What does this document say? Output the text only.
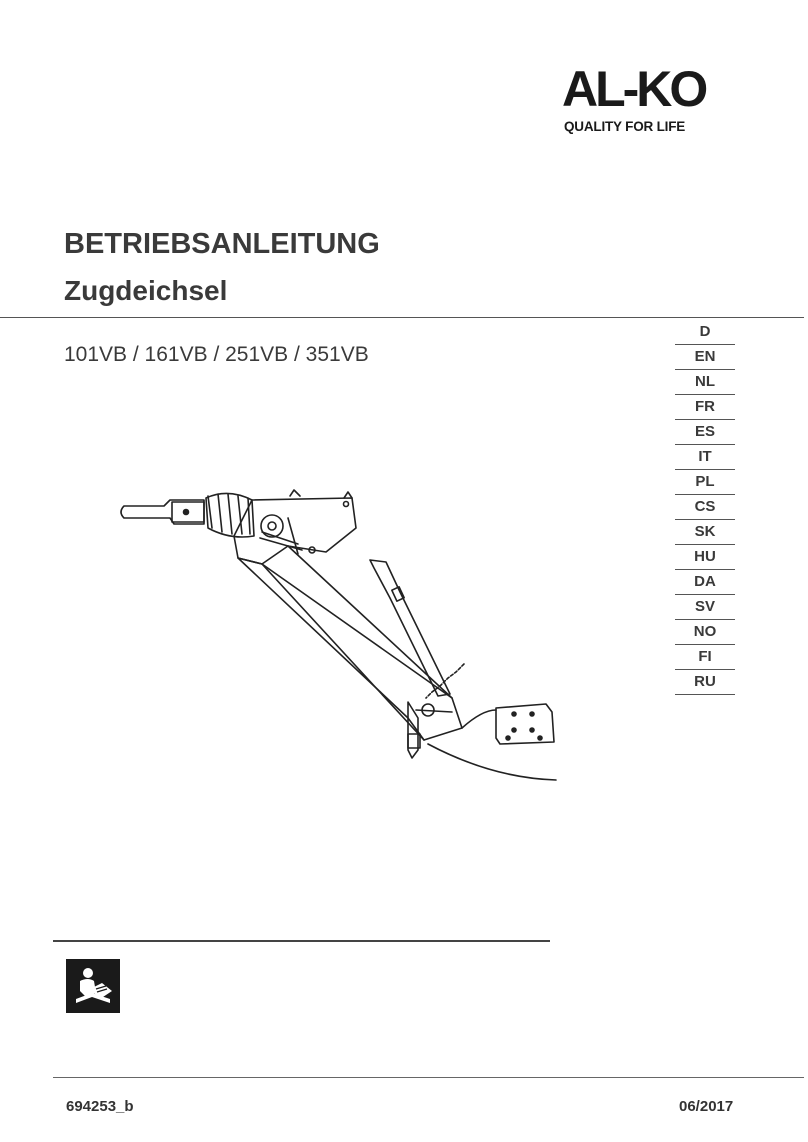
AL-KO
QUALITY FOR LIFE
BETRIEBSANLEITUNG
Zugdeichsel
101VB / 161VB / 251VB / 351VB
D
EN
NL
FR
ES
IT
PL
CS
SK
HU
DA
SV
NO
FI
RU
694253_b	06/2017
